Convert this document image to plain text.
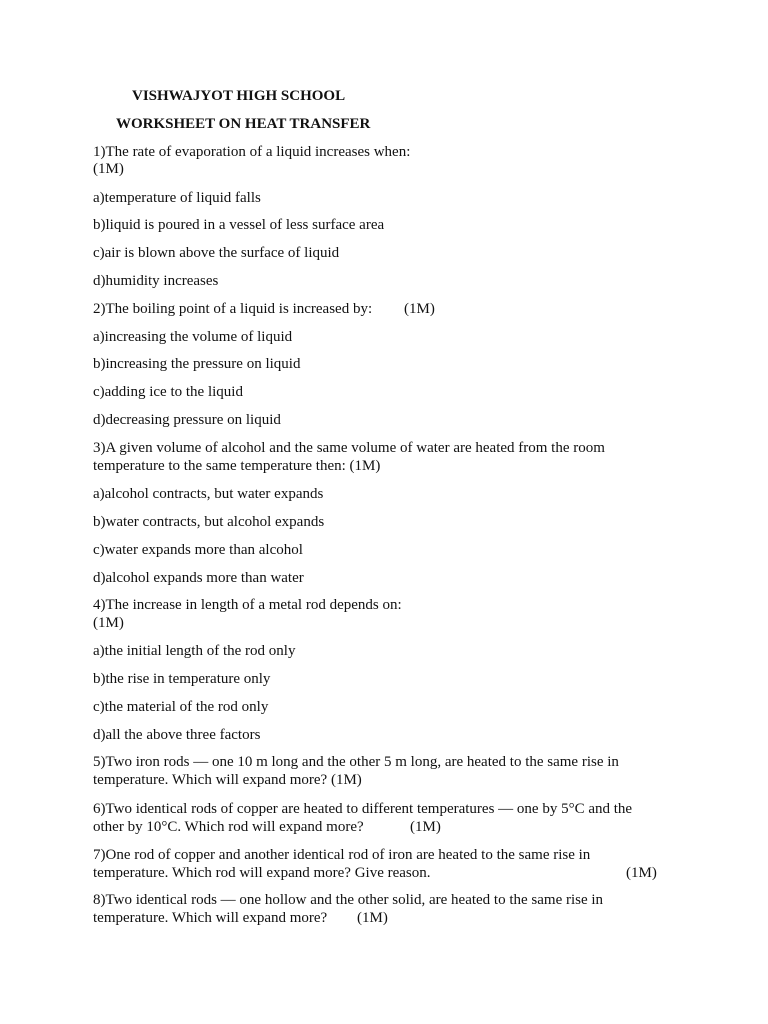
VISHWAJYOT HIGH SCHOOL
WORKSHEET ON HEAT TRANSFER
1)The rate of evaporation of a liquid increases when:
(1M)
a)temperature of liquid falls
b)liquid is poured in a vessel of less surface area
c)air is blown above the surface of liquid
d)humidity increases
2)The boiling point of a liquid is increased by: (1M)
a)increasing the volume of liquid
b)increasing the pressure on liquid
c)adding ice to the liquid
d)decreasing pressure on liquid
3)A given volume of alcohol and the same volume of water are heated from the room
temperature to the same temperature then: (1M)
a)alcohol contracts, but water expands
b)water contracts, but alcohol expands
c)water expands more than alcohol
d)alcohol expands more than water
4)The increase in length of a metal rod depends on:
(1M)
a)the initial length of the rod only
b)the rise in temperature only
c)the material of the rod only
d)all the above three factors
5)Two iron rods — one 10 m long and the other 5 m long, are heated to the same rise in
temperature. Which will expand more? (1M)
6)Two identical rods of copper are heated to different temperatures — one by 5°C and the
other by 10°C. Which rod will expand more?	(1M)
7)One rod of copper and another identical rod of iron are heated to the same rise in
temperature. Which rod will expand more? Give reason.	(1M)
8)Two identical rods — one hollow and the other solid, are heated to the same rise in
temperature. Which will expand more? (1M)
